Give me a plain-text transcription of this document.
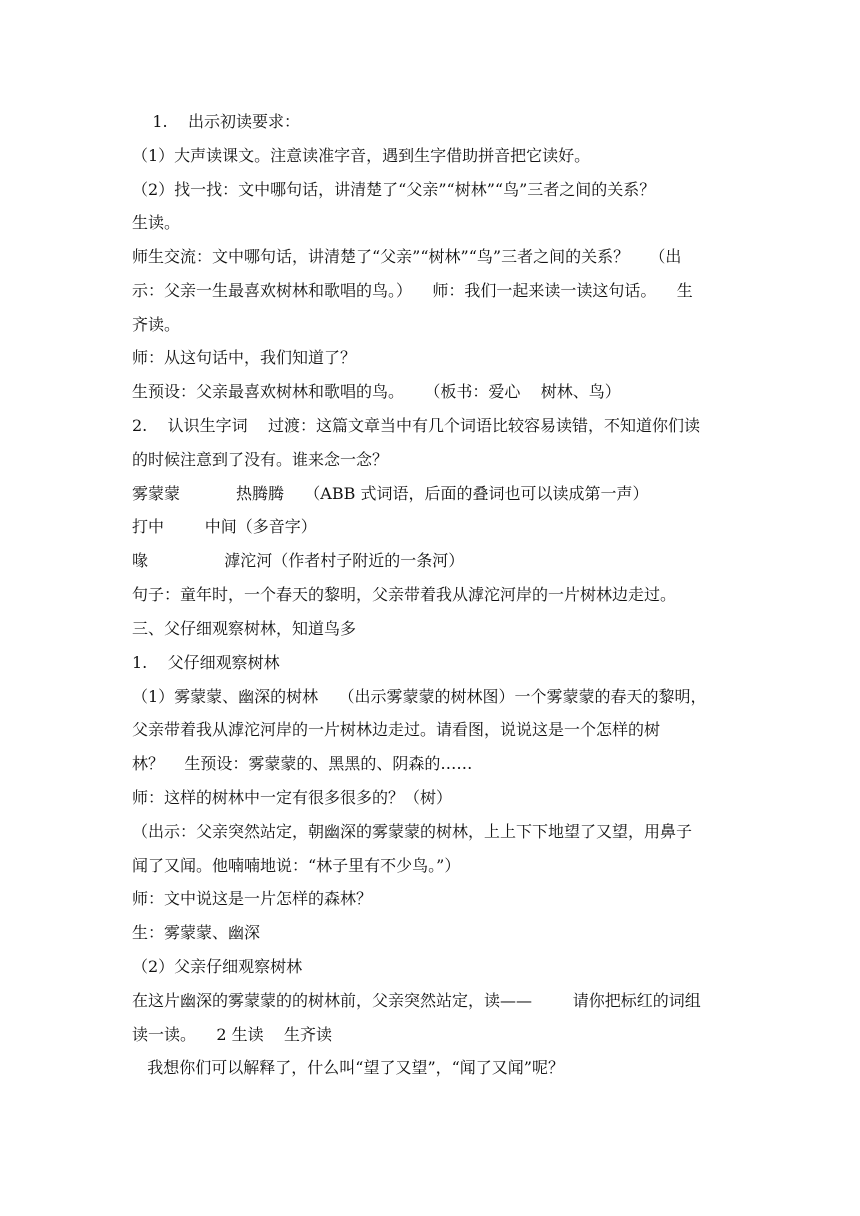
1.    出示初读要求：
（1）大声读课文。注意读准字音，遇到生字借助拼音把它读好。
（2）找一找：文中哪句话，讲清楚了“父亲”“树林”“鸟”三者之间的关系？
生读。
师生交流：文中哪句话，讲清楚了“父亲”“树林”“鸟”三者之间的关系？    （出
示：父亲一生最喜欢树林和歌唱的鸟。）    师：我们一起来读一读这句话。    生
齐读。
师：从这句话中，我们知道了？
生预设：父亲最喜欢树林和歌唱的鸟。    （板书：爱心    树林、鸟）
2.    认识生字词    过渡：这篇文章当中有几个词语比较容易读错，不知道你们读
的时候注意到了没有。谁来念一念？
雾蒙蒙           热腾腾    （ABB 式词语，后面的叠词也可以读成第一声）
打中        中间（多音字）
喙               滹沱河（作者村子附近的一条河）
句子：童年时，一个春天的黎明，父亲带着我从滹沱河岸的一片树林边走过。
三、父仔细观察树林，知道鸟多
1.    父仔细观察树林
（1）雾蒙蒙、幽深的树林    （出示雾蒙蒙的树林图）一个雾蒙蒙的春天的黎明，
父亲带着我从滹沱河岸的一片树林边走过。请看图，说说这是一个怎样的树
林？    生预设：雾蒙蒙的、黑黑的、阴森的……
师：这样的树林中一定有很多很多的？（树）
（出示：父亲突然站定，朝幽深的雾蒙蒙的树林，上上下下地望了又望，用鼻子
闻了又闻。他喃喃地说：“林子里有不少鸟。”）
师：文中说这是一片怎样的森林？
生：雾蒙蒙、幽深
（2）父亲仔细观察树林
在这片幽深的雾蒙蒙的的树林前，父亲突然站定，读——        请你把标红的词组
读一读。    2 生读    生齐读
我想你们可以解释了，什么叫“望了又望”，“闻了又闻”呢？
